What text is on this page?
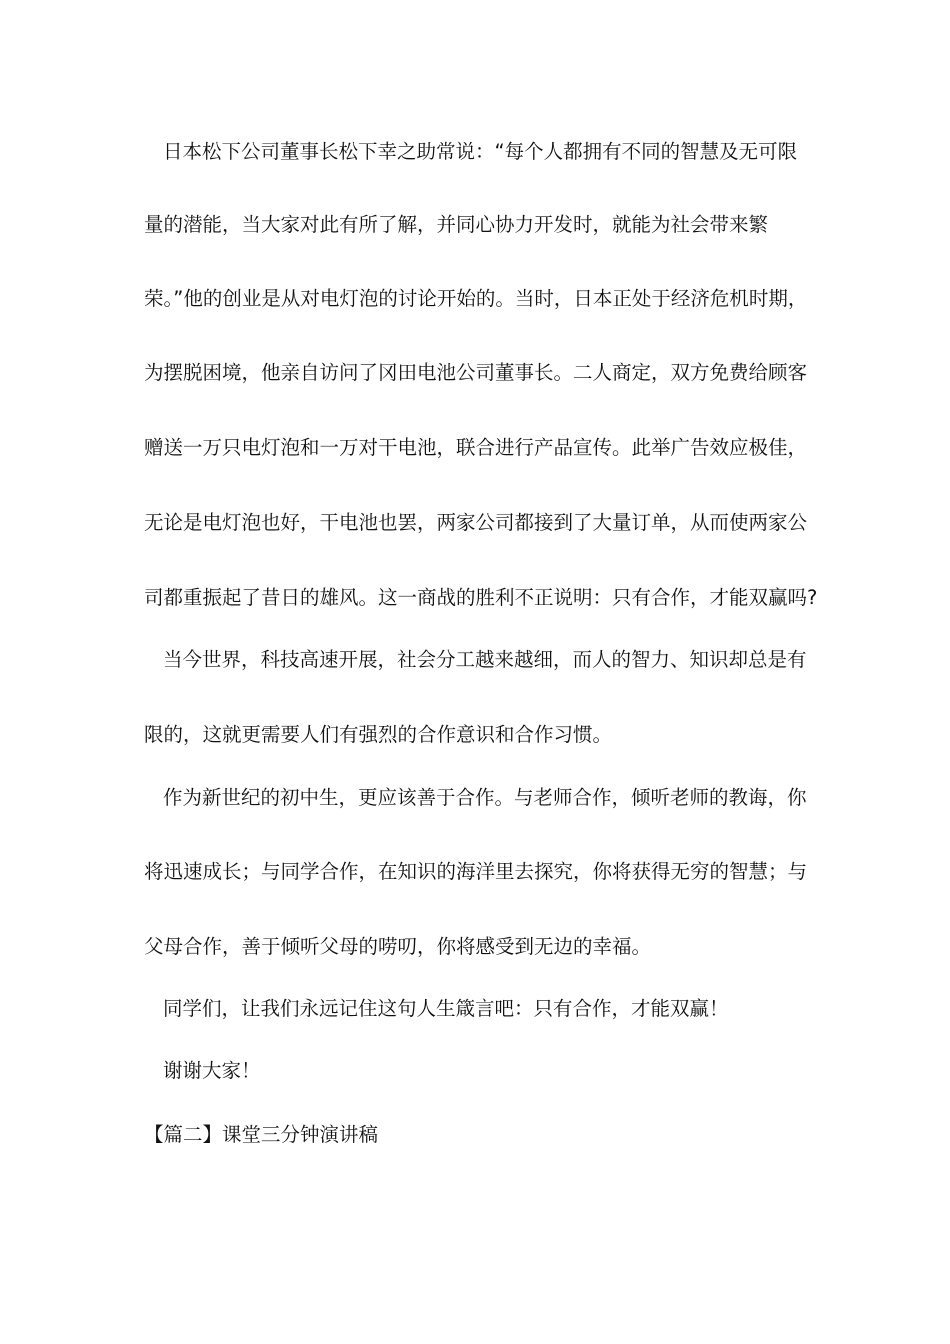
日本松下公司董事长松下幸之助常说：“每个人都拥有不同的智慧及无可限
量的潜能，当大家对此有所了解，并同心协力开发时，就能为社会带来繁
荣。”他的创业是从对电灯泡的讨论开始的。当时，日本正处于经济危机时期，
为摆脱困境，他亲自访问了冈田电池公司董事长。二人商定，双方免费给顾客
赠送一万只电灯泡和一万对干电池，联合进行产品宣传。此举广告效应极佳，
无论是电灯泡也好，干电池也罢，两家公司都接到了大量订单，从而使两家公
司都重振起了昔日的雄风。这一商战的胜利不正说明：只有合作，才能双赢吗?
当今世界，科技高速开展，社会分工越来越细，而人的智力、知识却总是有
限的，这就更需要人们有强烈的合作意识和合作习惯。
作为新世纪的初中生，更应该善于合作。与老师合作，倾听老师的教诲，你
将迅速成长；与同学合作，在知识的海洋里去探究，你将获得无穷的智慧；与
父母合作，善于倾听父母的唠叨，你将感受到无边的幸福。
同学们，让我们永远记住这句人生箴言吧：只有合作，才能双赢！
谢谢大家！
【篇二】课堂三分钟演讲稿
